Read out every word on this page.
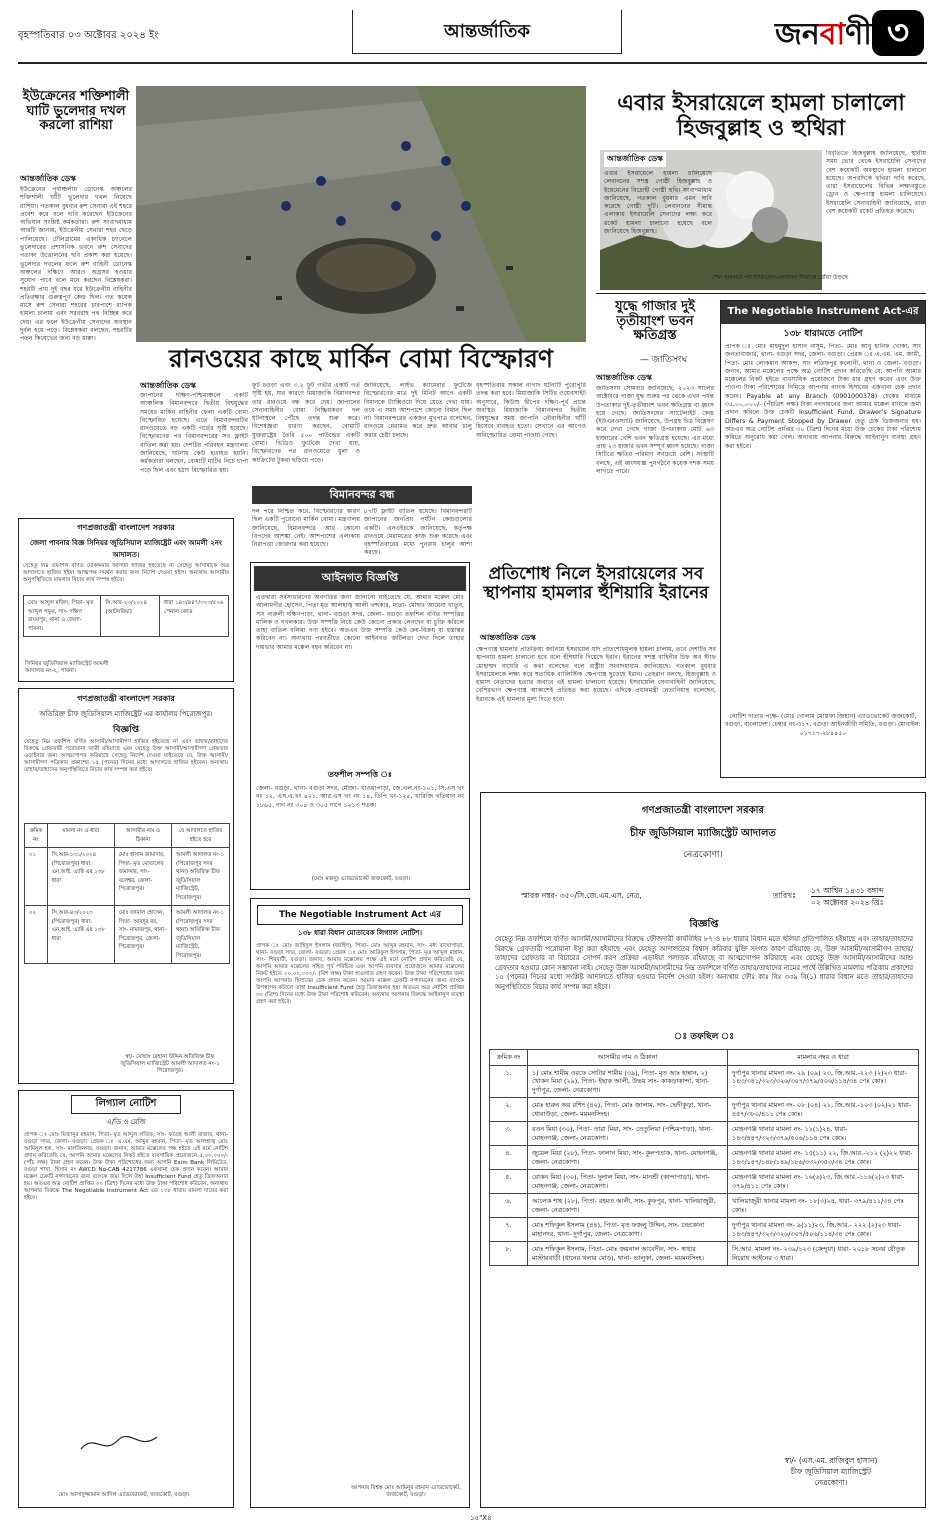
বৃহস্পতিবার ০৩ অক্টোবর ২০২৪ ইং	আন্তর্জাতিক	জনবাণী ৩
ইউক্রেনের শক্তিশালী ঘাটি ভুলেদার দখল করলো রাশিয়া
আন্তর্জাতিক ডেস্ক
ইউক্রেনের পূর্বাঞ্চলীয় ডোনেস্ক অঞ্চলের শক্তিশালী ঘাঁটি ভুলেদার দখল নিয়েছে রাশিয়া। গতকাল বুধবার রুশ সেনারা এই শহরে প্রবেশ করে বলে দাবি করেছেন ইউক্রেনের অভিযান সংশ্লিষ্ট কর্মকর্তারা। রুশ সংবাদমাধ্যম আরটি জানায়, ইউক্রেনীয় সেনারা শহর ছেড়ে পালিয়েছে। টেলিগ্রামের একাধিক চ্যানেলে ভুলেদারের প্রশাসনিক ভবনে রুশ সেনাদের পতাকা উত্তোলনের ছবি প্রকাশ করা হয়েছে। ভুলেদার দখলের ফলে রুশ বাহিনী ডোনেস্ক অঞ্চলের দক্ষিণে আরও অগ্রসর হওয়ার সুযোগ পাবে বলে মনে করছেন বিশ্লেষকরা। শহরটি প্রায় দুই বছর ধরে ইউক্রেনীয় বাহিনীর প্রতিরক্ষার গুরুত্বপূর্ণ কেন্দ্র ছিল। গত কয়েক মাসে রুশ সেনারা শহরের চারপাশে ব্যাপক হামলা চালায় এবং সরবরাহ পথ বিচ্ছিন্ন করে দেয়। এর ফলে ইউক্রেনীয় সেনাদের অবস্থান দুর্বল হয়ে পড়ে। বিশ্লেষকরা বলছেন, শহরটির পতন কিয়েভের জন্য বড় ধাক্কা।
রানওয়ের কাছে মার্কিন বোমা বিস্ফোরণ
আন্তর্জাতিক ডেস্ক
জাপানের দক্ষিণ-পশ্চিমাঞ্চলে একটি আঞ্চলিক বিমানবন্দরে দ্বিতীয় বিশ্বযুদ্ধের সময়ের মার্কিন বাহিনীর ফেলা একটি বোমা বিস্ফোরিত হয়েছে। এতে বিমানবন্দরটির রানওয়েতে বড় একটি গর্তের সৃষ্টি হয়েছে। বিস্ফোরণের পর বিমানবন্দরের সব ফ্লাইট বাতিল করা হয়। দেশটির পরিবহন মন্ত্রণালয় জানিয়েছে, ঘটনায় কেউ হতাহত হয়নি। কর্মকর্তারা বলছেন, বোমাটি মাটির নিচে চাপা পড়ে ছিল এবং হঠাৎ বিস্ফোরিত হয়।
ফুট চওড়া এবং ৩.২ ফুট গভীর একটি গর্ত সৃষ্টি হয়, যার কারণে মিয়াজাকি বিমানবন্দর তার রানওয়ে বন্ধ করে দেয়। জাপানের সেনাবাহিনীর বোমা নিষ্ক্রিয়করণ দল ঘটনাস্থলে পৌঁছে তদন্ত শুরু করে। বিশেষজ্ঞরা ধারণা করছেন, বোমাটি যুক্তরাষ্ট্রের তৈরি ৫০০ পাউন্ডের একটি বোমা। ভিডিও ফুটেজে দেখা যায়, বিস্ফোরণের পর রানওয়েতে ধুলা ও কংক্রিটের টুকরা ছড়িয়ে পড়ে।
জানিয়েছে, লাইভ ক্যামেরার ফুটেজে বিস্ফোরণের মাত্র দুই মিনিট আগে একটি বিমানকে ট্যাক্সিওয়ে দিয়ে যেতে দেখা যায়। তবে এ সময় আশপাশে কোনো বিমান ছিল না। বিমানবন্দরের একজন মুখপাত্র বলেছেন, রানওয়ে মেরামত করে দ্রুত আবার চালু করার চেষ্টা চলছে।
বিমানবন্দর বন্ধ
দল পরে নিশ্চিত করে, বিস্ফোরণের কারণ ছিল একটি পুরোনো মার্কিন বোমা। মন্ত্রণালয় জানিয়েছে, বিমানবন্দরে আর কোনো বিপদের আশঙ্কা নেই। আশপাশের এলাকায় নিরাপত্তা জোরদার করা হয়েছে।
৮৭টি ফ্লাইট বাতিল হয়েছে। বিমানবন্দরটি জাপানের জনপ্রিয় পর্যটন কেন্দ্রগুলোর একটি। এনএইচকে জানিয়েছে, কর্তৃপক্ষ রানওয়ে মেরামতের কাজ শুরু করেছে এবং বৃহস্পতিবারের মধ্যে পুনরায় চালুর আশা করছে।
বৃহস্পতিবার সকাল নাগাদ ঘটনাটি পুরোপুরি তদন্ত করা হবে। মিয়াজাকি সিটির ওয়েবসাইট অনুসারে, কিউশু দ্বীপের দক্ষিণ-পূর্ব প্রান্তে অবস্থিত মিয়াজাকি বিমানবন্দর দ্বিতীয় বিশ্বযুদ্ধের সময় জাপানি নৌবাহিনীর ঘাঁটি হিসেবে ব্যবহৃত হতো। সেখানে এর আগেও অবিস্ফোরিত বোমা পাওয়া গেছে।
এবার ইসরায়েলে হামলা চালালো হিজবুল্লাহ ও হুথিরা
আন্তর্জাতিক ডেস্ক
এবার ইসরায়েলে হামলা চালিয়েছে লেবাননের সশস্ত্র গোষ্ঠী হিজবুল্লাহ ও ইয়েমেনের বিদ্রোহী গোষ্ঠী হুথি। সংবাদমাধ্যম জানিয়েছে, গতকাল বুধবার এমন দাবি করেছে গোষ্ঠী দুটি। লেবাননের সীমান্ত এলাকায় ইসরায়েলি সেনাদের লক্ষ্য করে রকেট হামলা চালানো হয়েছে বলে জানিয়েছে হিজবুল্লাহ।
বিবৃতিতে হিজবুল্লাহ জানিয়েছে, স্থানীয় সময় ভোর থেকে ইসরায়েলি সেনাদের বেশ কয়েকটি অবস্থানে হামলা চালানো হয়েছে। অপরদিকে হুথিরা দাবি করেছে, তারা ইসরায়েলের বিভিন্ন লক্ষ্যবস্তুতে ড্রোন ও ক্ষেপণাস্ত্র হামলা চালিয়েছে। ইসরায়েলি সেনাবাহিনী জানিয়েছে, তারা বেশ কয়েকটি রকেট প্রতিহত করেছে।
শেল হামলার পর ইসরায়েল-লেবানন সীমান্তে ধোঁয়া উড়ছে
যুদ্ধে গাজার দুই তৃতীয়াংশ ভবন ক্ষতিগ্রস্ত
— জাতিসংঘ
আন্তর্জাতিক ডেস্ক
জাতিসংঘ সোমবার জানিয়েছে, ২০২৩ সালের অক্টোবরে গাজা যুদ্ধ শুরুর পর থেকে এখন পর্যন্ত উপত্যকার দুই-তৃতীয়াংশ ভবন ক্ষতিগ্রস্ত বা ধ্বংস হয়ে গেছে। জাতিসংঘের স্যাটেলাইট কেন্দ্র (ইউএনওস্যাট) জানিয়েছে, উপগ্রহ চিত্র বিশ্লেষণ করে দেখা গেছে গাজা উপত্যকায় মোট ৬৩ হাজারের বেশি ভবন ক্ষতিগ্রস্ত হয়েছে। এর মধ্যে প্রায় ২৩ হাজার ভবন সম্পূর্ণ ধ্বংস হয়েছে। গাজা সিটিতে ক্ষতির পরিমাণ সবচেয়ে বেশি। সংস্থাটি বলছে, এই ধ্বংসযজ্ঞ পুনর্গঠনে কয়েক দশক সময় লাগতে পারে।
The Negotiable Instrument Act-এর
১৩৮ ধারামতে নোটিশ
প্রাপক ঃ মোঃ মাহমুদুল হাসান নাসুম, পিতা- মোঃ আবু হানিফ খোকা, সাং জনতাবাজার, থানা- বগুড়া সদর, জেলা- বগুড়া। প্রেরক ঃ এ.এম. এম. জামী, পিতা- মোঃ লোকমান আকন্দ, সাং লতিফপুর কলোনী, থানা ও জেলা- বগুড়া। জনাব, আমার মক্কেলের পক্ষে অত্র নোটিশ প্রদান করিতেছি যে, আপনি আমার মক্কেলের নিকট হইতে ব্যবসায়িক প্রয়োজনে টাকা ধার গ্রহণ করেন এবং উক্ত পাওনা টাকা পরিশোধের নিমিত্তে আপনার ব্যাংক হিসাবের একখানা চেক প্রদান করেন। Payable at any Branch (0901000378) চেকের মাধ্যমে ৩৫,০০,০০০/- (পঁয়ত্রিশ লক্ষ) টাকা নগদায়নের জন্য আমার মক্কেল ব্যাংকে জমা প্রদান করিলে উক্ত চেকটি Insufficient Fund, Drawer’s Signature Differs & Payment Stopped by Drawer হেতু চেক ডিজঅনার হয়। অতএব অত্র নোটিশ প্রাপ্তির ৩০ (ত্রিশ) দিনের মধ্যে উক্ত চেকের টাকা পরিশোধ করিতে অনুরোধ করা গেল। অন্যথায় আপনার বিরুদ্ধে আইনানুগ ব্যবস্থা গ্রহণ করা হইবে।
নোটিশ দাতার পক্ষে- (মোঃ গোলাম মোস্তফা জিহান) এ্যাডভোকেট জজকোর্ট, বগুড়া, বাংলাদেশ। চেম্বার নং-৩১৭, বগুড়া আইনজীবী সমিতি, বগুড়া। মোবাইল: ০১৭১৭-২৮৪৪৫০
প্রতিশোধ নিলে ইসরায়েলের সব স্থাপনায় হামলার হুঁশিয়ারি ইরানের
আন্তর্জাতিক ডেস্ক
ক্ষেপণাস্ত্র হামলার প্রতিক্রিয়া জানিয়ে ইসরায়েল যদি প্রতিশোধমূলক হামলা চালায়, তবে দেশটির সব স্থাপনায় হামলা চালানো হবে বলে হুঁশিয়ারি দিয়েছে ইরান। ইরানের সশস্ত্র বাহিনীর চিফ অব স্টাফ মোহাম্মদ বাঘেরি এ কথা বলেছেন বলে রাষ্ট্রীয় সংবাদমাধ্যম জানিয়েছে। গতকাল বুধবার ইসরায়েলকে লক্ষ্য করে শতাধিক ব্যালিস্টিক ক্ষেপণাস্ত্র ছুড়েছে ইরান। তেহরান বলছে, হিজবুল্লাহ ও হামাস নেতাদের হত্যার জবাবে এই হামলা চালানো হয়েছে। ইসরায়েলি সেনাবাহিনী জানিয়েছে, বেশিরভাগ ক্ষেপণাস্ত্র আকাশেই প্রতিহত করা হয়েছে। এদিকে প্রধানমন্ত্রী নেতানিয়াহু বলেছেন, ইরানকে এই হামলার মূল্য দিতে হবে।
গণপ্রজাতন্ত্রী বাংলাদেশ সরকার
জেলা পাবনার বিজ্ঞ সিনিয়র জুডিসিয়াল ম্যাজিষ্ট্রেট এবং আমলী ২নং আদালত।
যেহেতু নিম্ন তফশিল বর্ণিত মোকদ্দমার আসামী হাজির হইতেছে না সেহেতু আসামীকে অত্র আদালতে হাজির হইয়া আত্মপক্ষ সমর্থন করার জন্য নির্দেশ দেওয়া হইল। অন্যথায় আসামীর অনুপস্থিতিতে মামলার বিচার কার্য সম্পন্ন হইবে।
মোঃ আব্দুল মজিদ, পিতা- মৃত আব্দুল গফুর, সাং- দক্ষিণ রাঘবপুর, থানা ও জেলা- পাবনা।	সি.আর-২৩/২০২৪ (আটঘরিয়া)	ধারা ১৪৩/৪৪৭/৩২৩/৫০৬ পেনাল কোড
সিনিয়র জুডিসিয়াল ম্যাজিস্ট্রেট আমলী আদালত নং-২, পাবনা।
গণপ্রজাতন্ত্রী বাংলাদেশ সরকার
অতিরিক্ত চীফ জুডিসিয়াল ম্যাজিষ্ট্রেট এর কার্যালয় পিরোজপুর।
বিজ্ঞপ্তি
যেহেতু নিম্ন তফশিল বর্ণিত আসামী/আসামীগণ হাজির হইতেছে না এবং তাহার/তাহাদের বিরুদ্ধে গ্রেফতারী পরোয়ানা জারী রহিয়াছে এবং যেহেতু উক্ত আসামী/আসামীগণ গ্রেফতার এড়াইবার জন্য আত্মগোপন করিয়াছে সেহেতু নির্দেশ দেওয়া যাইতেছে যে, উক্ত আসামী/আসামীগণ পত্রিকায় প্রকাশের ১৫ (পনের) দিনের মধ্যে আদালতে হাজির হইবেন। অন্যথায় তাহার/তাহাদের অনুপস্থিতিতে বিচার কার্য সম্পন্ন করা হইবে।
ক্রমিক নং	মামলা নং ও ধারা	আসামীর নাম ও ঠিকানা	যে আদালতে হাজির হইতে হবে
০১	সি.আর-১৩১/২০২৪ (পিরোজপুর) ধারা: এন.আই. এ্যাক্ট এর ১৩৮ ধারা	মোঃ হাসান জামাদার, পিতা- মৃত মোতালেব জমাদ্দার, সাং- বলেশ্বর, জেলা- পিরোজপুর।	আমলী আদালত নং-১ (পিরোজপুর সদর থানা) অতিরিক্ত চীফ জুডিসিয়াল ম্যাজিস্ট্রেট, পিরোজপুর।
০২	সি.আর-৪৩/২০২৩ (পিরোজপুর) ধারা: এন.আই. এ্যাক্ট এর ১৩৮ ধারা	মোঃ জামাল হোসেন, পিতা- আবদুর রব, সাং- নামাজপুর, থানা- পিরোজপুর, জেলা- পিরোজপুর।	আমলী আদালত নং-১ (পিরোজপুর সদর থানা) অতিরিক্ত চীফ জুডিসিয়াল ম্যাজিস্ট্রেট, পিরোজপুর।
স্বা/- মোছাঃ রেহানা উদ্দিন অতিরিক্ত চীফ জুডিসিয়াল ম্যাজিস্ট্রেট আমলী আদালত নং-১ পিরোজপুর।
লিগ্যাল নোটিশ
এ/ডি ও রেজি
প্রাপক ঃ মোঃ মিজানুর রহমান, পিতা- মৃত আব্দুল লতিফ, সাং- ফতেহ আলী বাজার, থানা- বগুড়া সদর, জেলা- বগুড়া। প্রেরক ঃ এ.এম. আব্দুর রহমান, পিতা- মৃত আলহাজ্ব মোঃ আমিনুল হক, সাং- মালতিনগর, বগুড়া। জনাব, আমার মক্কেলের পক্ষ হইতে এই মর্মে নোটিশ প্রদান করিতেছি যে, আপনি আমার মক্কেলের নিকট হইতে ব্যবসায়িক প্রয়োজনে ৫,০০,০০০/- (পাঁচ লক্ষ) টাকা গ্রহণ করেন। উক্ত টাকা পরিশোধের জন্য আপনি Exim Bank লিমিটেড, বগুড়া শাখা, হিসাব নং AWCD No-CAB 4217786 একখানা চেক প্রদান করেন। আমার মক্কেল চেকটি নগদায়নের জন্য ব্যাংকে জমা দিলে উহা Insufficient Fund হেতু ডিজঅনার হয়। অতএব অত্র নোটিশ প্রাপ্তির ৩০ (ত্রিশ) দিনের মধ্যে উক্ত টাকা পরিশোধ করিবেন, অন্যথায় আপনার বিরুদ্ধে The Negotiable Instrument Act এর ১৩৮ ধারায় মামলা দায়ের করা হইবে।
মোঃ আসাদুজ্জামান আদিল এ্যাডভোকেট, জজকোর্ট, বগুড়া।
আইনগত বিজ্ঞপ্তি
এতদ্বারা সর্বসাধারণের অবগতির জন্য জানানো যাইতেছে যে, আমার মক্কেল মোঃ আলামগীর হোসেন, পিতা মৃত আলহাজ্ব আলী খন্দকার, মাতা- মোছাঃ আমেনা খাতুন, সাং নারুলী দক্ষিণপাড়া, থানা- বগুড়া সদর, জেলা- বগুড়া তফশিল বর্ণিত সম্পত্তির মালিক ও দখলকার। উক্ত সম্পত্তি নিয়ে কেউ কোনো প্রকার লেনদেন বা চুক্তি করিলে তাহা বাতিল বলিয়া গণ্য হইবে। অতএব উক্ত সম্পত্তি কেউ ক্রয়-বিক্রয় বা হস্তান্তর করিবেন না। অন্যথায় পরবর্তীতে কোনো আইনগত জটিলতা দেখা দিলে তাহার দায়ভার আমার মক্কেল বহন করিবেন না।
তফশীল সম্পত্তি ঃ
জেলা- বগুড়া, থানা- বগুড়া সদর, মৌজা- খাওয়াপাড়া, জে.এল.নং-১০১, সি.এস খং নং ১২, এস.এ.খং ৪২১, আর.এস খং নং ১৪, ডিপি খং-১২৫, খারিজি খতিয়ান নং ১৮৬৫, দাগ নং ৩০৪ ও ৩০৫ দাগে ১২১৩ শতক।
(মোঃ মজনু) এ্যাডভোকেট জজকোর্ট, বগুড়া।
The Negotiable Instrument Act এর
১৩৮ ধারা বিধান মোতাবেক লিগ্যাল নোটিশ।
প্রাপক ঃ মোঃ জাহিদুল ইসলাম (জাহিদ), পিতা- মোঃ আব্দুর রহমান, সাং- মধ্য বাঘোপাড়া, থানা- বগুড়া সদর, জেলা- বগুড়া। প্রেরক ঃ মোঃ আরিফুল ইসলাম, পিতা- মৃত আব্দুল মান্নান, সাং- শিববাটী, বগুড়া। জনাব, আমার মক্কেলের পক্ষে এই মর্মে নোটিশ প্রদান করিতেছি যে, আপনি আমার মক্কেলের সহিত পূর্ব পরিচিত এবং আপনি ব্যবসার প্রয়োজনে আমার মক্কেলের নিকট হইতে ২০,০০,০০০/- (বিশ লক্ষ) টাকা হাওলাত গ্রহণ করেন। উক্ত টাকা পরিশোধের জন্য আপনি আপনার হিসাবের চেক প্রদান করেন। আমার মক্কেল চেকটি নগদায়নের জন্য ব্যাংকে উপস্থাপন করিলে তাহা Insufficient Fund হেতু ডিজঅনার হয়। অতএব অত্র নোটিশ প্রাপ্তির ৩০ (ত্রিশ) দিনের মধ্যে উক্ত টাকা পরিশোধ করিবেন। অন্যথায় আপনার বিরুদ্ধে আইনানুগ ব্যবস্থা গ্রহণ করা হইবে।
আপনার বিশ্বস্ত মোঃ আমিনুর রহমান এ্যাডভোকেট, জজকোর্ট, বগুড়া।
গণপ্রজাতন্ত্রী বাংলাদেশ সরকার
চীফ জুডিসিয়াল ম্যাজিস্ট্রেট আদালত
নেত্রকোণা।
স্মারক নম্বর- ৩৫০/সি.জে.এম.এস. নেত্র,	তারিখঃ
১৭ আশ্বিন ১৪৩১ বঙ্গাব্দ
০২ অক্টোবর ২০২৪ খ্রিঃ
বিজ্ঞপ্তি
যেহেতু নিম্ন তফশিলে বর্ণিত আসামী/আসামীদের বিরুদ্ধে ফৌজদারী কার্যবিধির ৮৭ ও ৮৮ ধারার বিধান মতে হুলিয়া প্রতিপালিত হইয়াছে এবং তাহার/তাহাদের বিরুদ্ধে গ্রেফতারী পরোয়ানা ইস্যু করা হইয়াছে এবং যেহেতু আদালতের বিশ্বাস করিবার যুক্তি সংগত কারণ রহিয়াছে যে, উক্ত আসামী/আসামীগণ তাহার/তাহাদের গ্রেফতার বা বিচারের সোপর্দ করণ প্রক্রিয়া এড়াইয়া পলাতক রহিয়াছে বা আত্মগোপন করিয়াছে এবং যেহেতু উক্ত আসামী/আসামীদের আশু গ্রেফতার হওয়ার কোন সম্ভাবনা নাই। সেহেতু উক্ত আসামী/আসামীদের নিম্ন তফশিলে বর্ণিত তাহার/তাহাদের নামের পার্শ্বে উল্লিখিত মামলায় পত্রিকায় প্রকাশের ১৫ (পনের) দিনের মধ্যে সংশ্লিষ্ট আদালতে হাজির হওয়ার নির্দেশ দেওয়া হইল। অন্যথায় ফৌঃ কাঃ বিঃ ৩৩৯ বি(১) ধারার বিধান মতে তাহার/তাহাদের অনুপস্থিতিতে বিচার কার্য সম্পন্ন করা হইবে।
ঃ তফছিল ঃ
ক্রমিক নং	আসামীর নাম ও ঠিকানা	মামলার নম্বর ও ধারা
১.	১) মোঃ শামীম ওরফে সোটার শামীম (৩৯), পিতা- মৃত আঃ হান্নান, ২) খোকন মিয়া (২৯), পিতা- ইছাক আলী, উভয় সাং- কাকড়াকান্দা, থানা- দুর্গাপুর, জেলা- নেত্রকোণা।	দুর্গাপুর থানার মামলা নং- ২৯ (০৯) ২৩, জি.আর.-২২৩ (২)২৩ ধারা- ১৪৩/৩৪১/৩২৩/৩২৬/৩০৭/৩৭৯/৫০৬/১১৪/৩৪ পেঃ কোঃ।
২.	মোঃ হারুন অর রশিদ (৪০), পিতা- মোঃ জালাম, সাং- ভেদীকুড়া, থানা- ধোবাউড়া, জেলা- ময়মনসিংহ।	দুর্গাপুর থানার মামলা নং- ০৮ (০৪) ২১, জি.আর.-১০৩ (০২)২১ ধারা- ৪৫৭/৩৮০/৪১১ পেঃ কোঃ।
৩.	রতন মিয়া (৩০), পিতা- তারা মিয়া, সাং- তেতুলিয়া (পশ্চিমপাড়া), থানা- মোহনগঞ্জ, জেলা- নেত্রকোণা।	মোহনগঞ্জ থানার মামলা নং- ১১(১)২৪, ধারা- ১৪৩/৪৪৭/৩২৩/৩৭৯/৫০৬/১১৪ পেঃ কোঃ।
৪.	জুয়েল মিয়া (২৮), পিতা- ফালান মিয়া, সাং- কুলপতাক, থানা- মোহনগঞ্জ, জেলা- নেত্রকোণা।	মোহনগঞ্জ থানার মামলা নং- ১৫(১১) ২২, জি.আর.-২১২ (২)২২ ধারা- ১৪৩/১৪৭/১৪৮/১৪৯/১৮৬/৩৩২/৩৫৩/৩৪ পেঃ কোঃ।
৫.	রোকন মিয়া (৩০), পিতা- দুলাল মিয়া, সাং- মানশ্রী (কান্দাপাড়া), থানা- মোহনগঞ্জ, জেলা- নেত্রকোণা।	মোহনগঞ্জ থানার মামলা নং- ১৬(৬)২৩, জি.আর.-১১৬(২)২৩ ধারা- ৩৭৯/৪১১ পেঃ কোঃ।
৬.	আলেক শাহ (২৮), পিতা- রহমত আলী, সাং- কুফপুর, থানা- খালিয়াজুরী, জেলা- নেত্রকোণা।	খালিয়াজুরী থানার মামলা নং- ১৮(৩)২৪, ধারা- ৩৭৯/৪১১/৩৪ পেঃ কোঃ।
৭.	মোঃ শফিকুল ইসলাম (৪৪), পিতা- মৃত ফজলু উদ্দিন, সাং- চন্দ্রকোনা মাহানদর, থানা- দুর্গাপুর, জেলা- নেত্রকোণা।	দুর্গাপুর থানার মামলা নং- ৯(১১)২৩, জি.আর.- ২২২ (২)২৩ ধারা- ১৪৩/৪৪৭/৩২৩/৩২৬/৩০৭/৫০৬/১১৪/৩৪ পেঃ কোঃ।
৮.	মোঃ শফিকুল ইসলাম, পিতা- মোঃ জয়নাল আবেদীন, সাং- স্বাধার মাস্টারবাড়ী (ধানের খলার মোড়), থানা- ভালুকা, জেলা- ময়মনসিংহ।	সি.আর. মামলা নং- ২৩৯/১২৩ (কেন্দুয়া) ধারা- ২০১৮ সনের যৌতুক নিরোধ আইনের ৩ ধারা।
স্বা/- (এস.এম. রাজিবুল হাসান)
চীফ জুডিসিয়াল ম্যাজিস্ট্রেট
নেত্রকোণা।
১৫"X৪
